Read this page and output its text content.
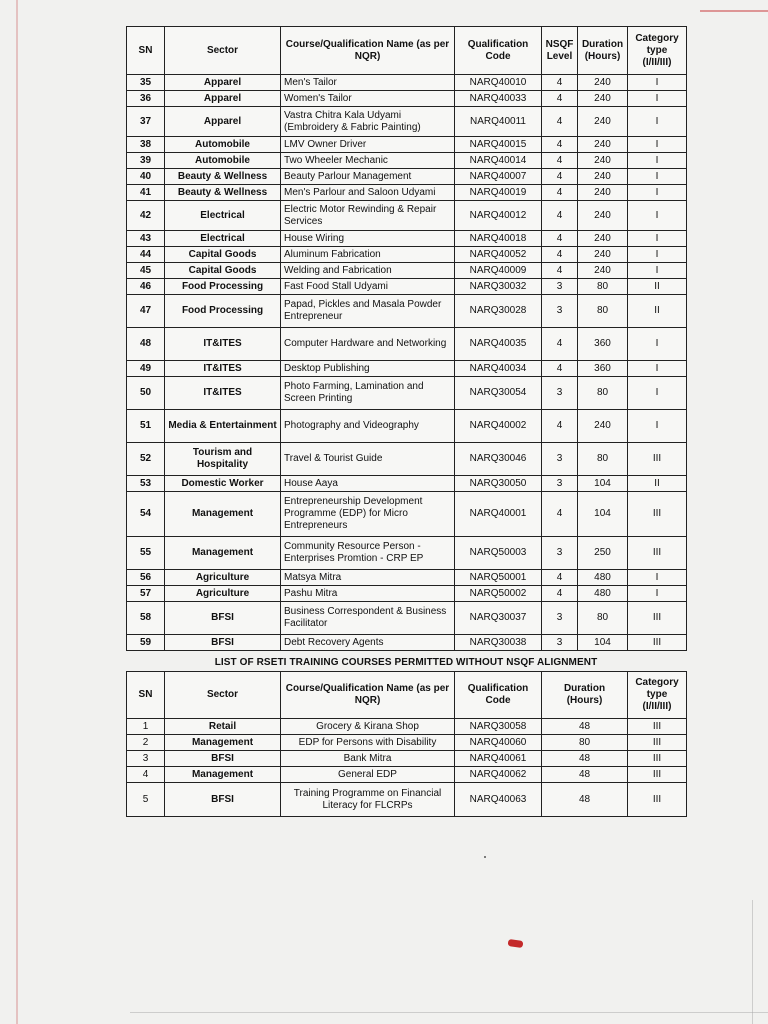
SN	Sector	Course/Qualification Name (as per NQR)	Qualification Code	NSQF Level	Duration (Hours)	Category type (I/II/III)
35	Apparel	Men's Tailor	NARQ40010	4	240	I
36	Apparel	Women's Tailor	NARQ40033	4	240	I
37	Apparel	Vastra Chitra Kala Udyami (Embroidery & Fabric Painting)	NARQ40011	4	240	I
38	Automobile	LMV Owner Driver	NARQ40015	4	240	I
39	Automobile	Two Wheeler Mechanic	NARQ40014	4	240	I
40	Beauty & Wellness	Beauty Parlour Management	NARQ40007	4	240	I
41	Beauty & Wellness	Men's Parlour and Saloon Udyami	NARQ40019	4	240	I
42	Electrical	Electric Motor Rewinding & Repair Services	NARQ40012	4	240	I
43	Electrical	House Wiring	NARQ40018	4	240	I
44	Capital Goods	Aluminum Fabrication	NARQ40052	4	240	I
45	Capital Goods	Welding and Fabrication	NARQ40009	4	240	I
46	Food Processing	Fast Food Stall Udyami	NARQ30032	3	80	II
47	Food Processing	Papad, Pickles and Masala Powder Entrepreneur	NARQ30028	3	80	II
48	IT&ITES	Computer Hardware and Networking	NARQ40035	4	360	I
49	IT&ITES	Desktop Publishing	NARQ40034	4	360	I
50	IT&ITES	Photo Farming, Lamination and Screen Printing	NARQ30054	3	80	I
51	Media & Entertainment	Photography and Videography	NARQ40002	4	240	I
52	Tourism and Hospitality	Travel & Tourist Guide	NARQ30046	3	80	III
53	Domestic Worker	House Aaya	NARQ30050	3	104	II
54	Management	Entrepreneurship Development Programme (EDP) for Micro Entrepreneurs	NARQ40001	4	104	III
55	Management	Community Resource Person - Enterprises Promtion - CRP EP	NARQ50003	3	250	III
56	Agriculture	Matsya Mitra	NARQ50001	4	480	I
57	Agriculture	Pashu Mitra	NARQ50002	4	480	I
58	BFSI	Business Correspondent & Business Facilitator	NARQ30037	3	80	III
59	BFSI	Debt Recovery Agents	NARQ30038	3	104	III
LIST OF RSETI TRAINING COURSES PERMITTED WITHOUT NSQF ALIGNMENT
SN	Sector	Course/Qualification Name (as per NQR)	Qualification Code	Duration (Hours)	Category type (I/II/III)
1	Retail	Grocery & Kirana Shop	NARQ30058	48	III
2	Management	EDP for Persons with Disability	NARQ40060	80	III
3	BFSI	Bank Mitra	NARQ40061	48	III
4	Management	General EDP	NARQ40062	48	III
5	BFSI	Training Programme on Financial Literacy for FLCRPs	NARQ40063	48	III
